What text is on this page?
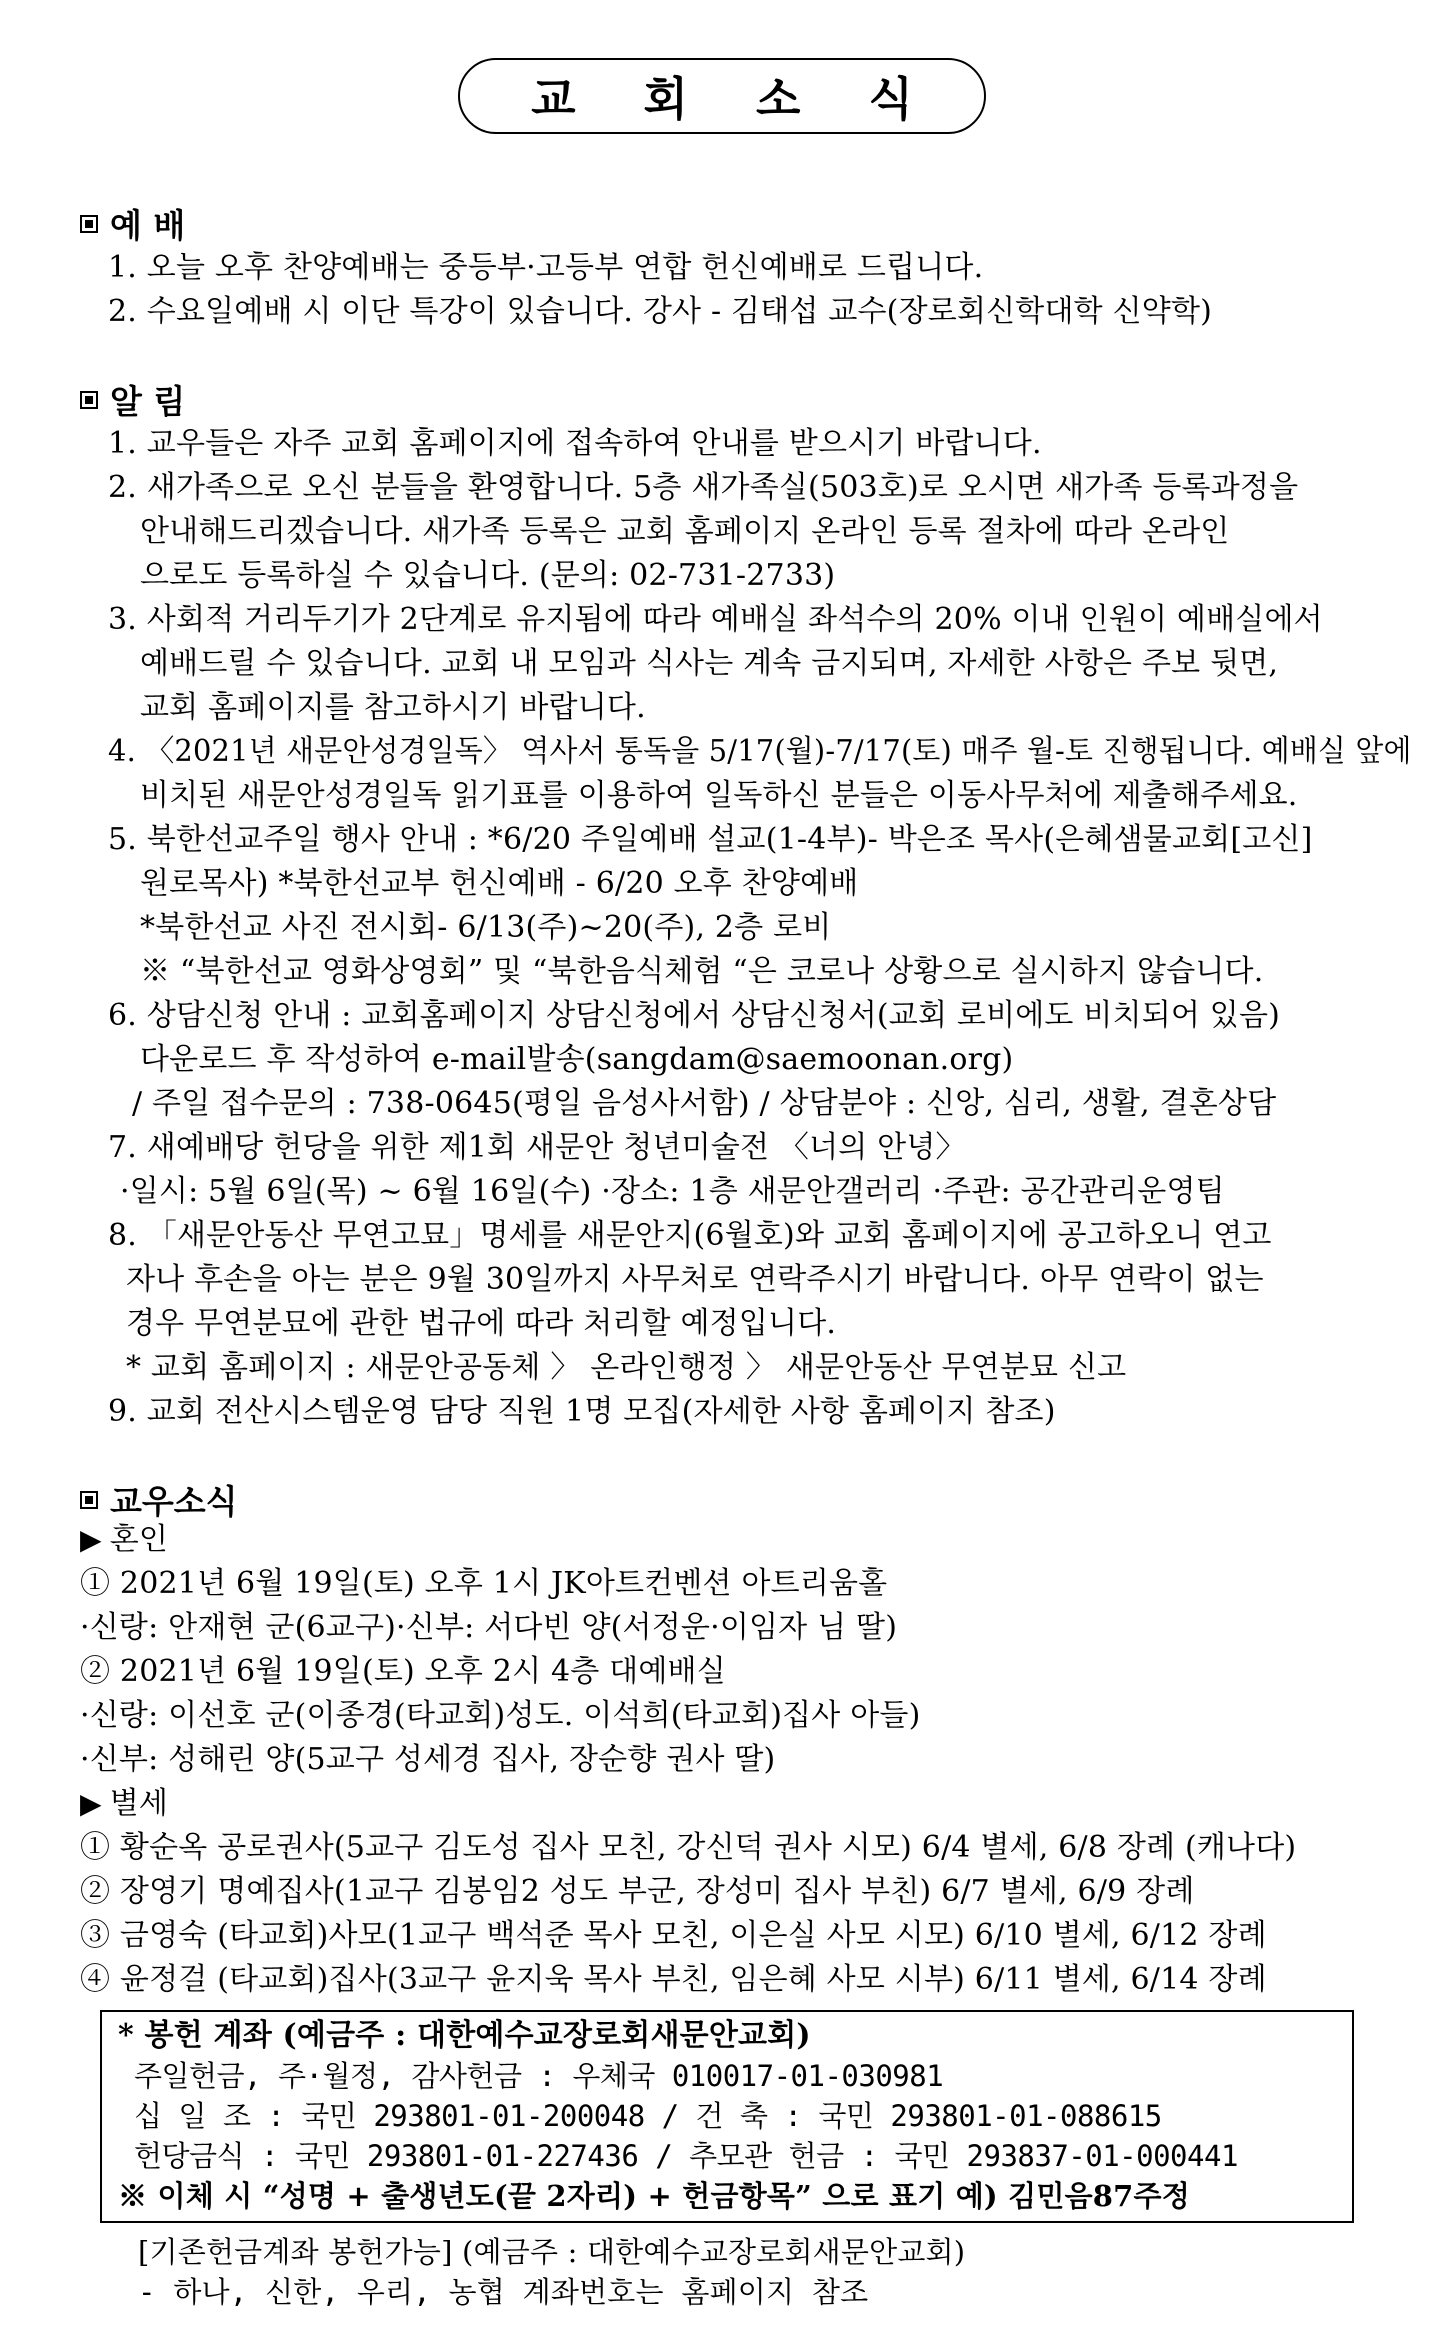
교 회 소 식
예 배
1. 오늘 오후 찬양예배는 중등부·고등부 연합 헌신예배로 드립니다.
2. 수요일예배 시 이단 특강이 있습니다. 강사 - 김태섭 교수(장로회신학대학 신약학)
알 림
1. 교우들은 자주 교회 홈페이지에 접속하여 안내를 받으시기 바랍니다.
2. 새가족으로 오신 분들을 환영합니다. 5층 새가족실(503호)로 오시면 새가족 등록과정을
안내해드리겠습니다. 새가족 등록은 교회 홈페이지 온라인 등록 절차에 따라 온라인
으로도 등록하실 수 있습니다. (문의: 02-731-2733)
3. 사회적 거리두기가 2단계로 유지됨에 따라 예배실 좌석수의 20% 이내 인원이 예배실에서
예배드릴 수 있습니다. 교회 내 모임과 식사는 계속 금지되며, 자세한 사항은 주보 뒷면,
교회 홈페이지를 참고하시기 바랍니다.
4. 〈2021년 새문안성경일독〉 역사서 통독을 5/17(월)-7/17(토) 매주 월-토 진행됩니다. 예배실 앞에
비치된 새문안성경일독 읽기표를 이용하여 일독하신 분들은 이동사무처에 제출해주세요.
5. 북한선교주일 행사 안내 : *6/20 주일예배 설교(1-4부)- 박은조 목사(은혜샘물교회[고신]
원로목사) *북한선교부 헌신예배 - 6/20 오후 찬양예배
*북한선교 사진 전시회- 6/13(주)~20(주), 2층 로비
※ “북한선교 영화상영회” 및 “북한음식체험 “은 코로나 상황으로 실시하지 않습니다.
6. 상담신청 안내 : 교회홈페이지 상담신청에서 상담신청서(교회 로비에도 비치되어 있음)
다운로드 후 작성하여 e-mail발송(sangdam@saemoonan.org)
/ 주일 접수문의 : 738-0645(평일 음성사서함) / 상담분야 : 신앙, 심리, 생활, 결혼상담
7. 새예배당 헌당을 위한 제1회 새문안 청년미술전 〈너의 안녕〉
·일시: 5월 6일(목) ~ 6월 16일(수) ·장소: 1층 새문안갤러리 ·주관: 공간관리운영팀
8. 「새문안동산 무연고묘」명세를 새문안지(6월호)와 교회 홈페이지에 공고하오니 연고
자나 후손을 아는 분은 9월 30일까지 사무처로 연락주시기 바랍니다. 아무 연락이 없는
경우 무연분묘에 관한 법규에 따라 처리할 예정입니다.
* 교회 홈페이지 : 새문안공동체 〉 온라인행정 〉 새문안동산 무연분묘 신고
9. 교회 전산시스템운영 담당 직원 1명 모집(자세한 사항 홈페이지 참조)
교우소식
▶ 혼인
① 2021년 6월 19일(토) 오후 1시 JK아트컨벤션 아트리움홀
·신랑: 안재현 군(6교구)·신부: 서다빈 양(서정운·이임자 님 딸)
② 2021년 6월 19일(토) 오후 2시 4층 대예배실
·신랑: 이선호 군(이종경(타교회)성도. 이석희(타교회)집사 아들)
·신부: 성해린 양(5교구 성세경 집사, 장순향 권사 딸)
▶ 별세
① 황순옥 공로권사(5교구 김도성 집사 모친, 강신덕 권사 시모) 6/4 별세, 6/8 장례 (캐나다)
② 장영기 명예집사(1교구 김봉임2 성도 부군, 장성미 집사 부친) 6/7 별세, 6/9 장례
③ 금영숙 (타교회)사모(1교구 백석준 목사 모친, 이은실 사모 시모) 6/10 별세, 6/12 장례
④ 윤정걸 (타교회)집사(3교구 윤지욱 목사 부친, 임은혜 사모 시부) 6/11 별세, 6/14 장례
* 봉헌 계좌 (예금주 : 대한예수교장로회새문안교회)
주일헌금, 주·월정, 감사헌금 : 우체국 010017-01-030981
십 일 조 : 국민 293801-01-200048 / 건 축 : 국민 293801-01-088615
헌당금식 : 국민 293801-01-227436 / 추모관 헌금 : 국민 293837-01-000441
※ 이체 시 “성명 + 출생년도(끝 2자리) + 헌금항목” 으로 표기 예) 김민음87주정
[기존헌금계좌 봉헌가능] (예금주 : 대한예수교장로회새문안교회)
- 하나, 신한, 우리, 농협 계좌번호는 홈페이지 참조
